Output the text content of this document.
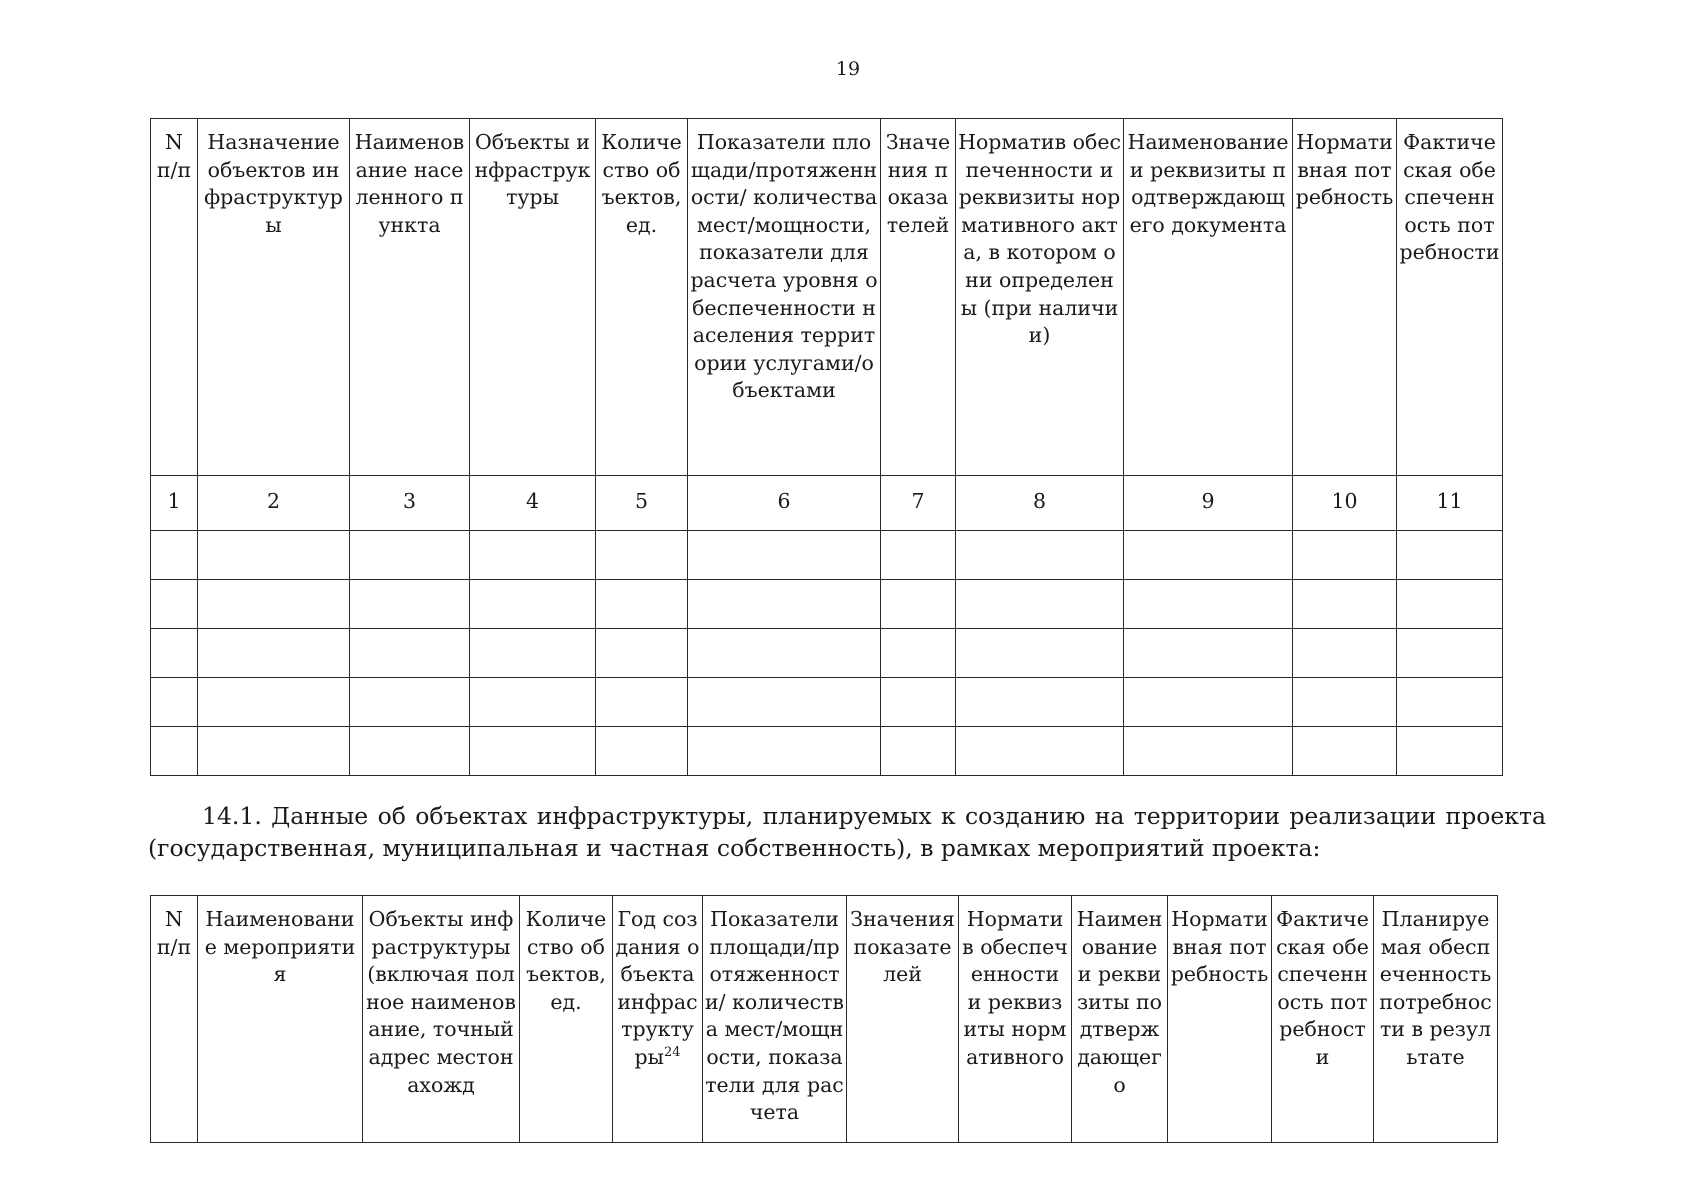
19
N п/п	Назначение объектов инфраструктуры	Наименование населенного пункта	Объекты инфраструктуры	Количество объектов, ед.	Показатели площади/протяженности/ количества мест/мощности, показатели для расчета уровня обеспеченности населения территории услугами/объектами	Значения показателей	Норматив обеспеченности и реквизиты нормативного акта, в котором они определены (при наличии)	Наименование и реквизиты подтверждающего документа	Нормативная потребность	Фактическая обеспеченность потребности
1	2	3	4	5	6	7	8	9	10	11

14.1. Данные об объектах инфраструктуры, планируемых к созданию на территории реализации проекта (государственная, муниципальная и частная собственность), в рамках мероприятий проекта:

N п/п	Наименование мероприятия	Объекты инфраструктуры (включая полное наименование, точный адрес местонахожд	Количество объектов, ед.	Год создания объекта инфраструктуры$^{24}$	Показатели площади/протяженности/ количества мест/мощности, показатели для расчета	Значения показателей	Норматив обеспеченности и реквизиты нормативного	Наименование и реквизиты подтверждающего	Нормативная потребность	Фактическая обеспеченность потребности	Планируемая обеспеченность потребности в результате
